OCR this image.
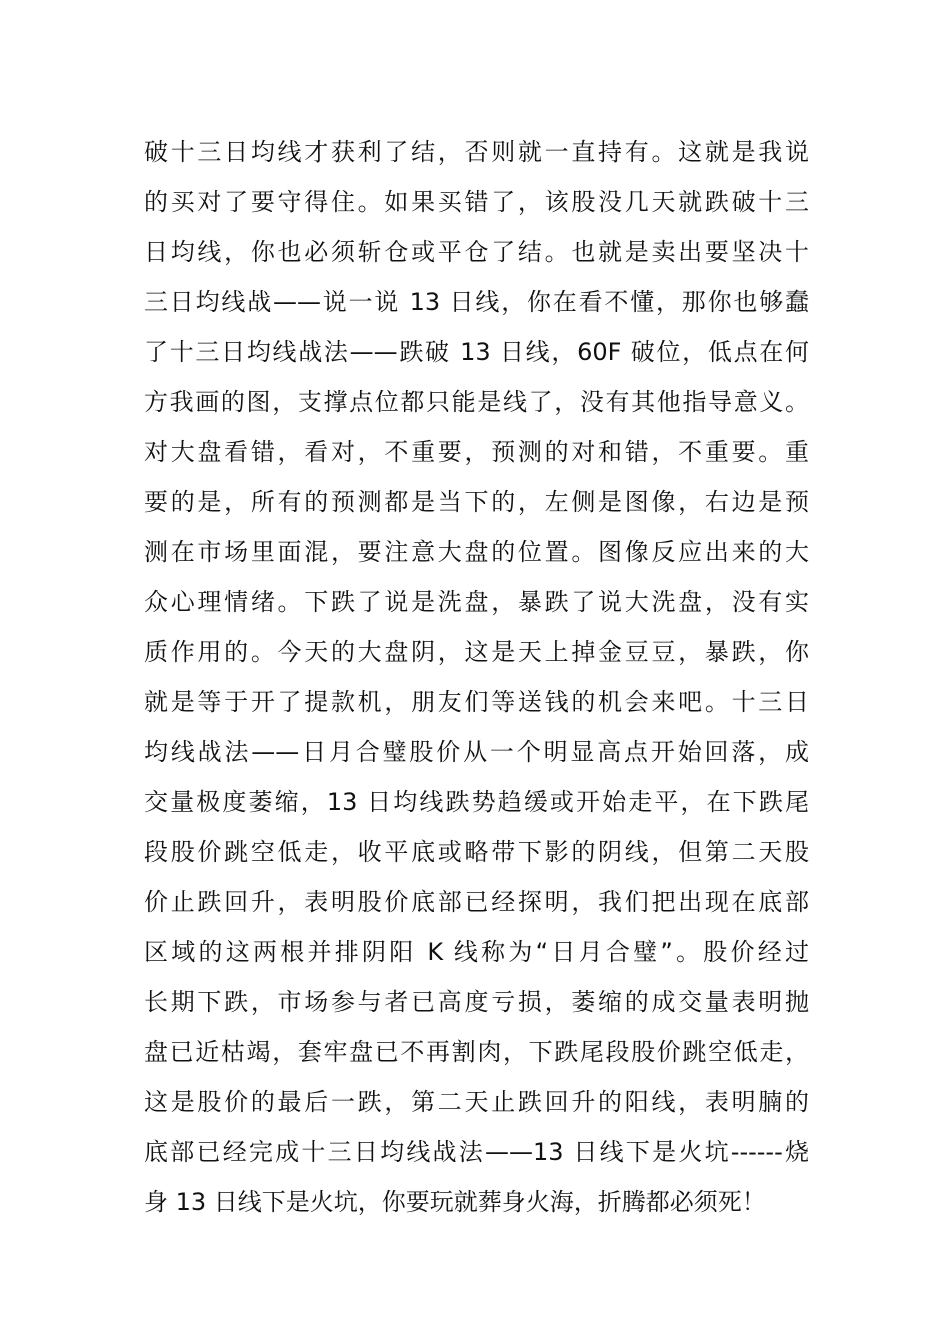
破十三日均线才获利了结，否则就一直持有。这就是我说
的买对了要守得住。如果买错了，该股没几天就跌破十三
日均线，你也必须斩仓或平仓了结。也就是卖出要坚决十
三日均线战——说一说 13 日线，你在看不懂，那你也够蠢
了十三日均线战法——跌破 13 日线，60F 破位，低点在何
方我画的图，支撑点位都只能是线了，没有其他指导意义。
对大盘看错，看对，不重要，预测的对和错，不重要。重
要的是，所有的预测都是当下的，左侧是图像，右边是预
测在市场里面混，要注意大盘的位置。图像反应出来的大
众心理情绪。下跌了说是洗盘，暴跌了说大洗盘，没有实
质作用的。今天的大盘阴，这是天上掉金豆豆，暴跌，你
就是等于开了提款机，朋友们等送钱的机会来吧。十三日
均线战法——日月合璧股价从一个明显高点开始回落，成
交量极度萎缩，13 日均线跌势趋缓或开始走平，在下跌尾
段股价跳空低走，收平底或略带下影的阴线，但第二天股
价止跌回升，表明股价底部已经探明，我们把出现在底部
区域的这两根并排阴阳 K 线称为“日月合璧”。股价经过
长期下跌，市场参与者已高度亏损，萎缩的成交量表明抛
盘已近枯竭，套牢盘已不再割肉，下跌尾段股价跳空低走，
这是股价的最后一跌，第二天止跌回升的阳线，表明腩的
底部已经完成十三日均线战法——13 日线下是火坑------烧
身 13 日线下是火坑，你要玩就葬身火海，折腾都必须死！
